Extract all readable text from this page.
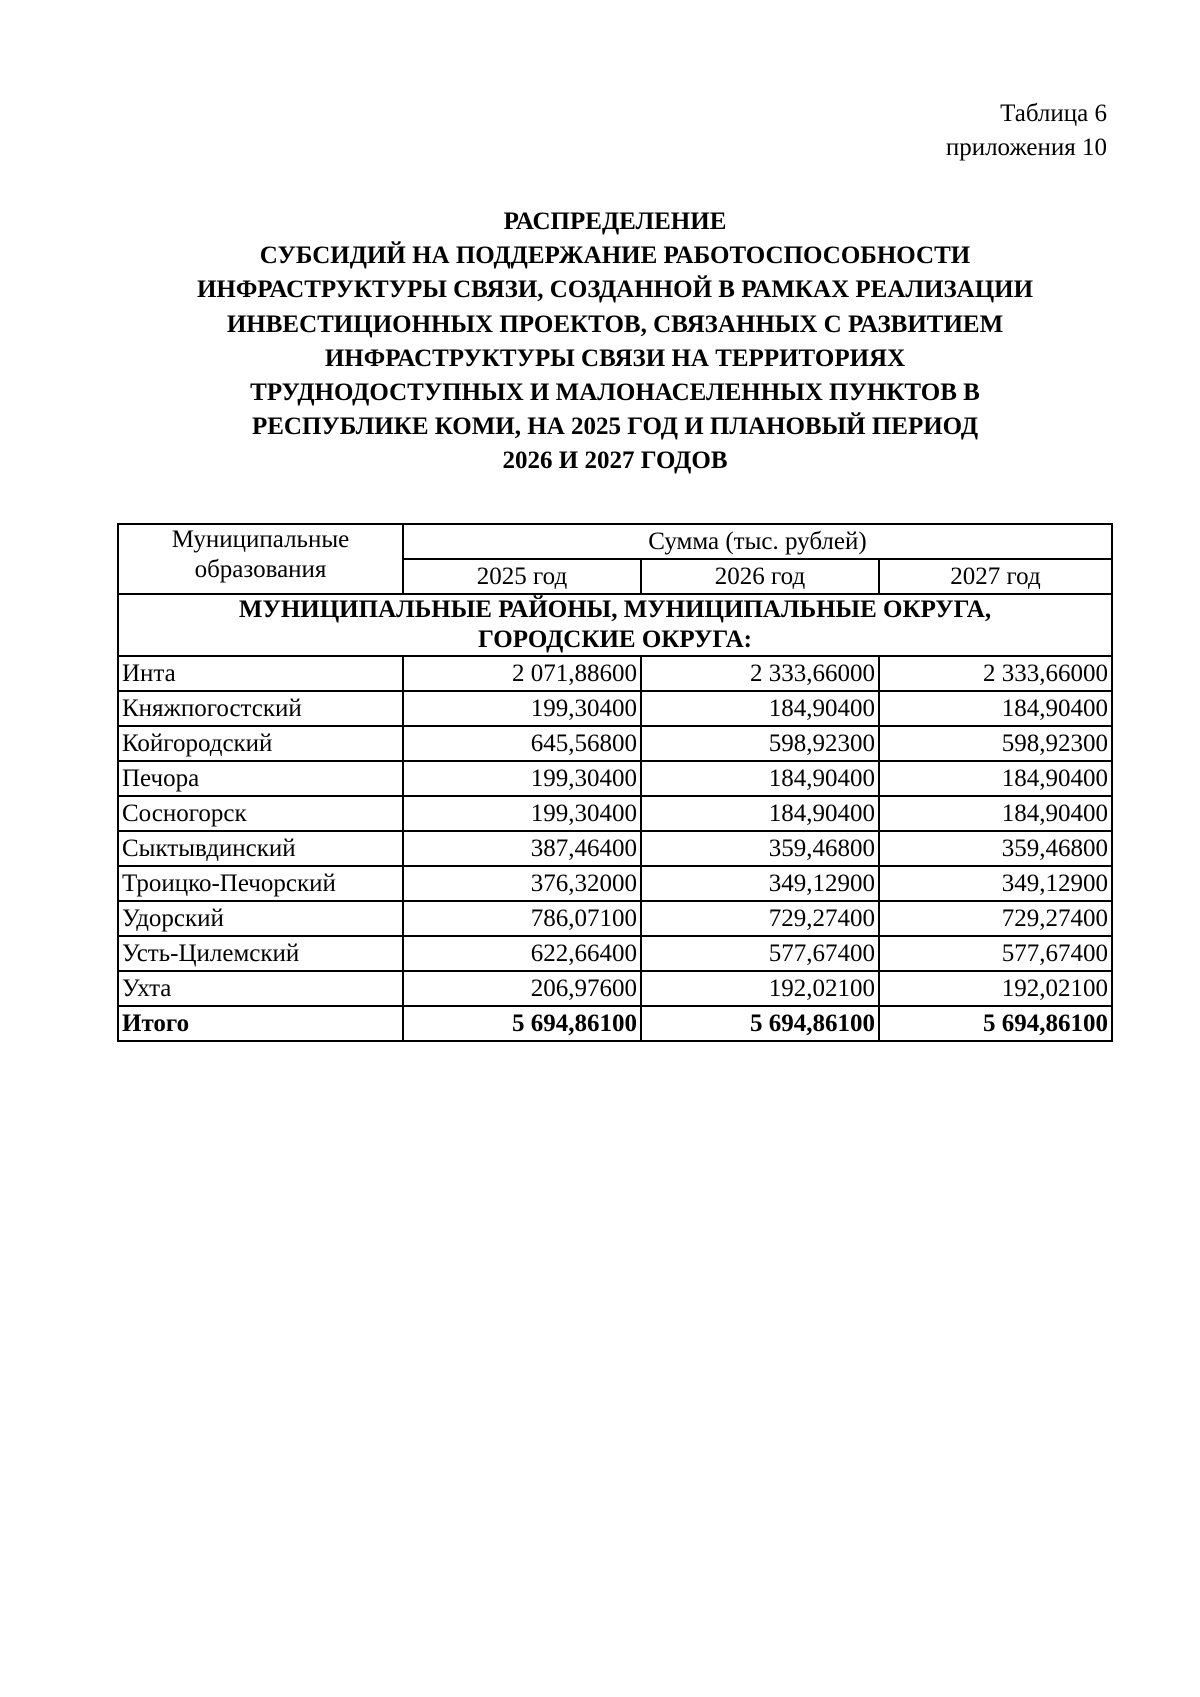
Таблица 6
приложения 10
РАСПРЕДЕЛЕНИЕ
СУБСИДИЙ НА ПОДДЕРЖАНИЕ РАБОТОСПОСОБНОСТИ
ИНФРАСТРУКТУРЫ СВЯЗИ, СОЗДАННОЙ В РАМКАХ РЕАЛИЗАЦИИ
ИНВЕСТИЦИОННЫХ ПРОЕКТОВ, СВЯЗАННЫХ С РАЗВИТИЕМ
ИНФРАСТРУКТУРЫ СВЯЗИ НА ТЕРРИТОРИЯХ
ТРУДНОДОСТУПНЫХ И МАЛОНАСЕЛЕННЫХ ПУНКТОВ В
РЕСПУБЛИКЕ КОМИ, НА 2025 ГОД И ПЛАНОВЫЙ ПЕРИОД
2026 И 2027 ГОДОВ
Муниципальные
образования	Сумма (тыс. рублей)		
	2025 год	2026 год	2027 год

МУНИЦИПАЛЬНЫЕ РАЙОНЫ, МУНИЦИПАЛЬНЫЕ ОКРУГА,
ГОРОДСКИЕ ОКРУГА:			

Инта	2 071,88600	2 333,66000	2 333,66000
Княжпогостский	199,30400	184,90400	184,90400
Койгородский	645,56800	598,92300	598,92300
Печора	199,30400	184,90400	184,90400
Сосногорск	199,30400	184,90400	184,90400
Сыктывдинский	387,46400	359,46800	359,46800
Троицко-Печорский	376,32000	349,12900	349,12900
Удорский	786,07100	729,27400	729,27400
Усть-Цилемский	622,66400	577,67400	577,67400
Ухта	206,97600	192,02100	192,02100
Итого	5 694,86100	5 694,86100	5 694,86100
